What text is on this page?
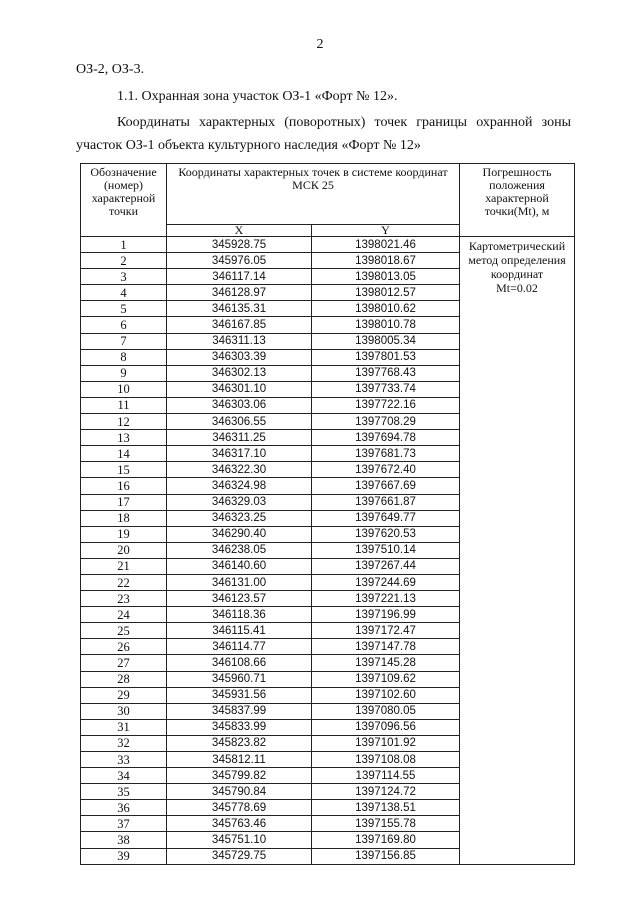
2
ОЗ-2, ОЗ-3.
1.1. Охранная зона участок ОЗ-1 «Форт № 12».
Координаты характерных (поворотных) точек границы охранной зоны
участок ОЗ-1 объекта культурного наследия «Форт № 12»
Обозначение (номер) характерной точки	Координаты характерных точек в системе координат МСК 25		Погрешность положения характерной точки(Mt), м
	X	Y	
1	345928.75	1398021.46	Картометрический метод определения координат
Mt=0.02

2	345976.05	1398018.67	
3	346117.14	1398013.05	
4	346128.97	1398012.57	
5	346135.31	1398010.62	
6	346167.85	1398010.78	
7	346311.13	1398005.34	
8	346303.39	1397801.53	
9	346302.13	1397768.43	
10	346301.10	1397733.74	
11	346303.06	1397722.16	
12	346306.55	1397708.29	
13	346311.25	1397694.78	
14	346317.10	1397681.73	
15	346322.30	1397672.40	
16	346324.98	1397667.69	
17	346329.03	1397661.87	
18	346323.25	1397649.77	
19	346290.40	1397620.53	
20	346238.05	1397510.14	
21	346140.60	1397267.44	
22	346131.00	1397244.69	
23	346123.57	1397221.13	
24	346118.36	1397196.99	
25	346115.41	1397172.47	
26	346114.77	1397147.78	
27	346108.66	1397145.28	
28	345960.71	1397109.62	
29	345931.56	1397102.60	
30	345837.99	1397080.05	
31	345833.99	1397096.56	
32	345823.82	1397101.92	
33	345812.11	1397108.08	
34	345799.82	1397114.55	
35	345790.84	1397124.72	
36	345778.69	1397138.51	
37	345763.46	1397155.78	
38	345751.10	1397169.80	
39	345729.75	1397156.85	
